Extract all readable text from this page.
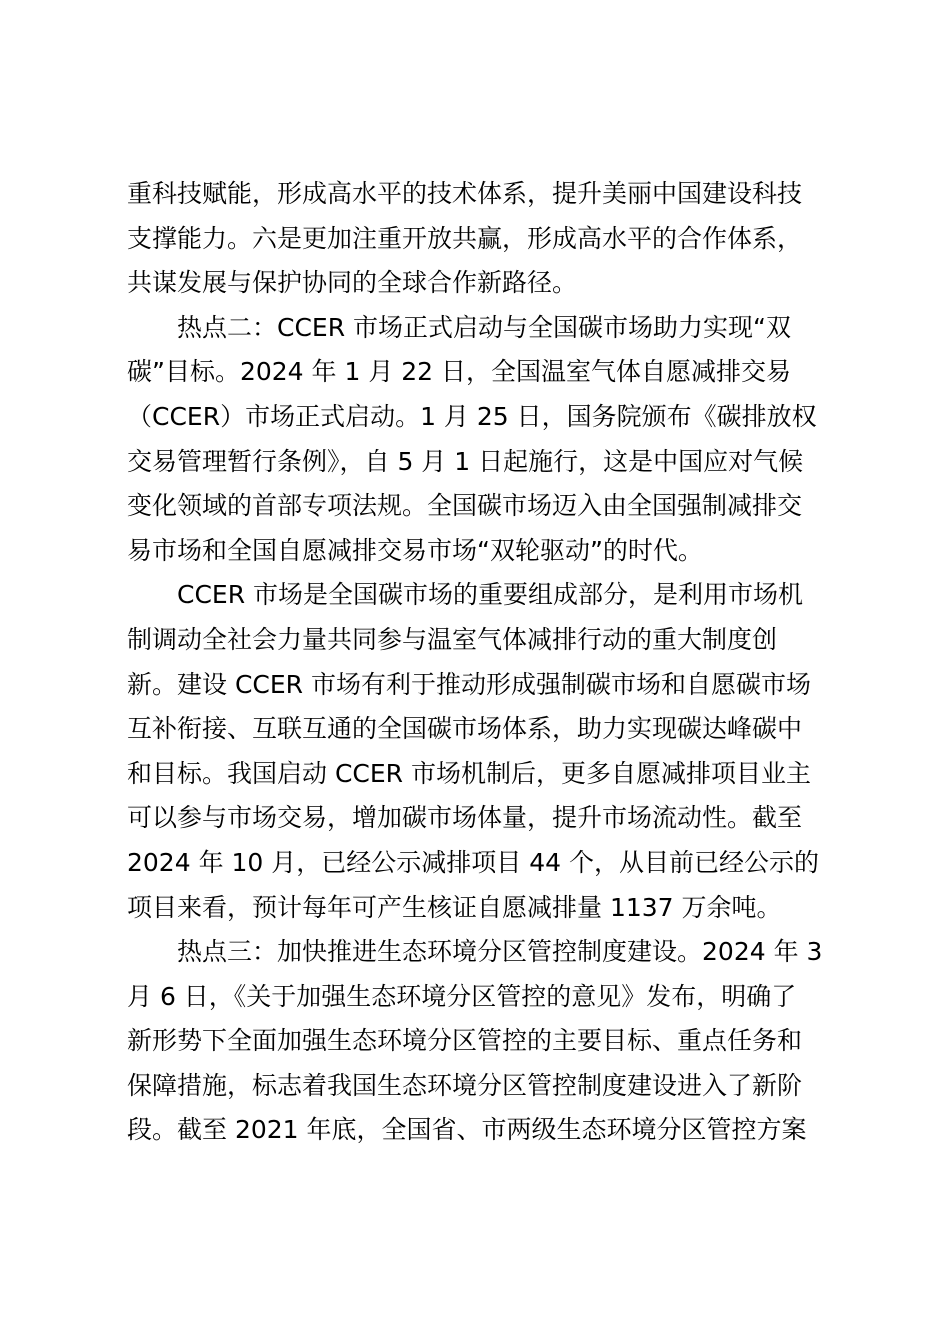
重科技赋能，形成高水平的技术体系，提升美丽中国建设科技
支撑能力。六是更加注重开放共赢，形成高水平的合作体系，
共谋发展与保护协同的全球合作新路径。
热点二：CCER 市场正式启动与全国碳市场助力实现“双
碳”目标。2024 年 1 月 22 日，全国温室气体自愿减排交易
（CCER）市场正式启动。1 月 25 日，国务院颁布《碳排放权
交易管理暂行条例》，自 5 月 1 日起施行，这是中国应对气候
变化领域的首部专项法规。全国碳市场迈入由全国强制减排交
易市场和全国自愿减排交易市场“双轮驱动”的时代。
CCER 市场是全国碳市场的重要组成部分，是利用市场机
制调动全社会力量共同参与温室气体减排行动的重大制度创
新。建设 CCER 市场有利于推动形成强制碳市场和自愿碳市场
互补衔接、互联互通的全国碳市场体系，助力实现碳达峰碳中
和目标。我国启动 CCER 市场机制后，更多自愿减排项目业主
可以参与市场交易，增加碳市场体量，提升市场流动性。截至
2024 年 10 月，已经公示减排项目 44 个，从目前已经公示的
项目来看，预计每年可产生核证自愿减排量 1137 万余吨。
热点三：加快推进生态环境分区管控制度建设。2024 年 3
月 6 日，《关于加强生态环境分区管控的意见》发布，明确了
新形势下全面加强生态环境分区管控的主要目标、重点任务和
保障措施，标志着我国生态环境分区管控制度建设进入了新阶
段。截至 2021 年底，全国省、市两级生态环境分区管控方案
